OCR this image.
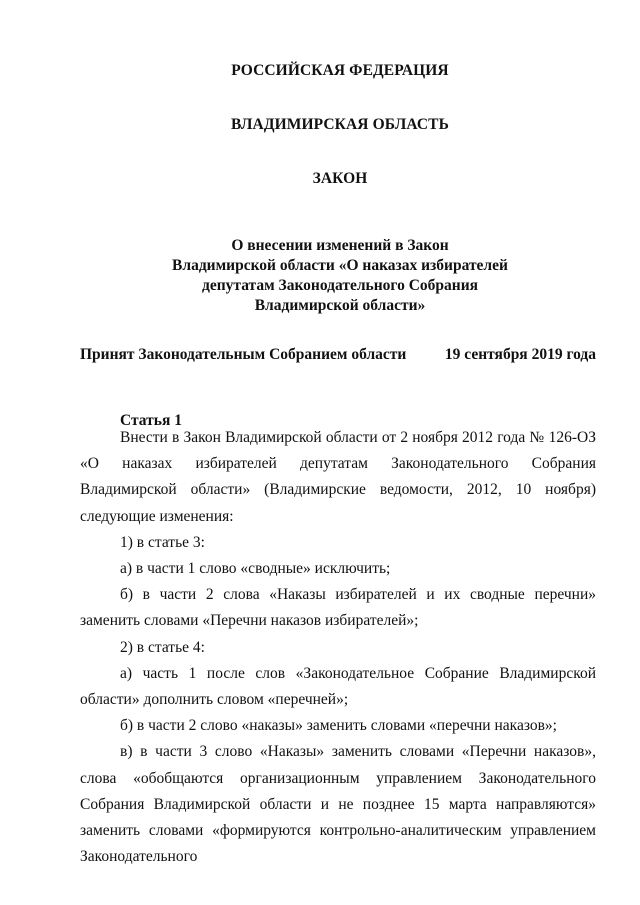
РОССИЙСКАЯ ФЕДЕРАЦИЯ
ВЛАДИМИРСКАЯ ОБЛАСТЬ
ЗАКОН
О внесении изменений в Закон
Владимирской области «О наказах избирателей
депутатам Законодательного Собрания
Владимирской области»
Принят Законодательным Собранием области 19 сентября 2019 года
Статья 1

Внести в Закон Владимирской области от 2 ноября 2012 года № 126-ОЗ «О наказах избирателей депутатам Законодательного Собрания Владимирской области» (Владимирские ведомости, 2012, 10 ноября) следующие изменения:

1) в статье 3:

а) в части 1 слово «сводные» исключить;

б) в части 2 слова «Наказы избирателей и их сводные перечни» заменить словами «Перечни наказов избирателей»;

2) в статье 4:

а) часть 1 после слов «Законодательное Собрание Владимирской области» дополнить словом «перечней»;

б) в части 2 слово «наказы» заменить словами «перечни наказов»;

в) в части 3 слово «Наказы» заменить словами «Перечни наказов», слова «обобщаются организационным управлением Законодательного Собрания Владимирской области и не позднее 15 марта направляются» заменить словами «формируются контрольно-аналитическим управлением Законодательного
